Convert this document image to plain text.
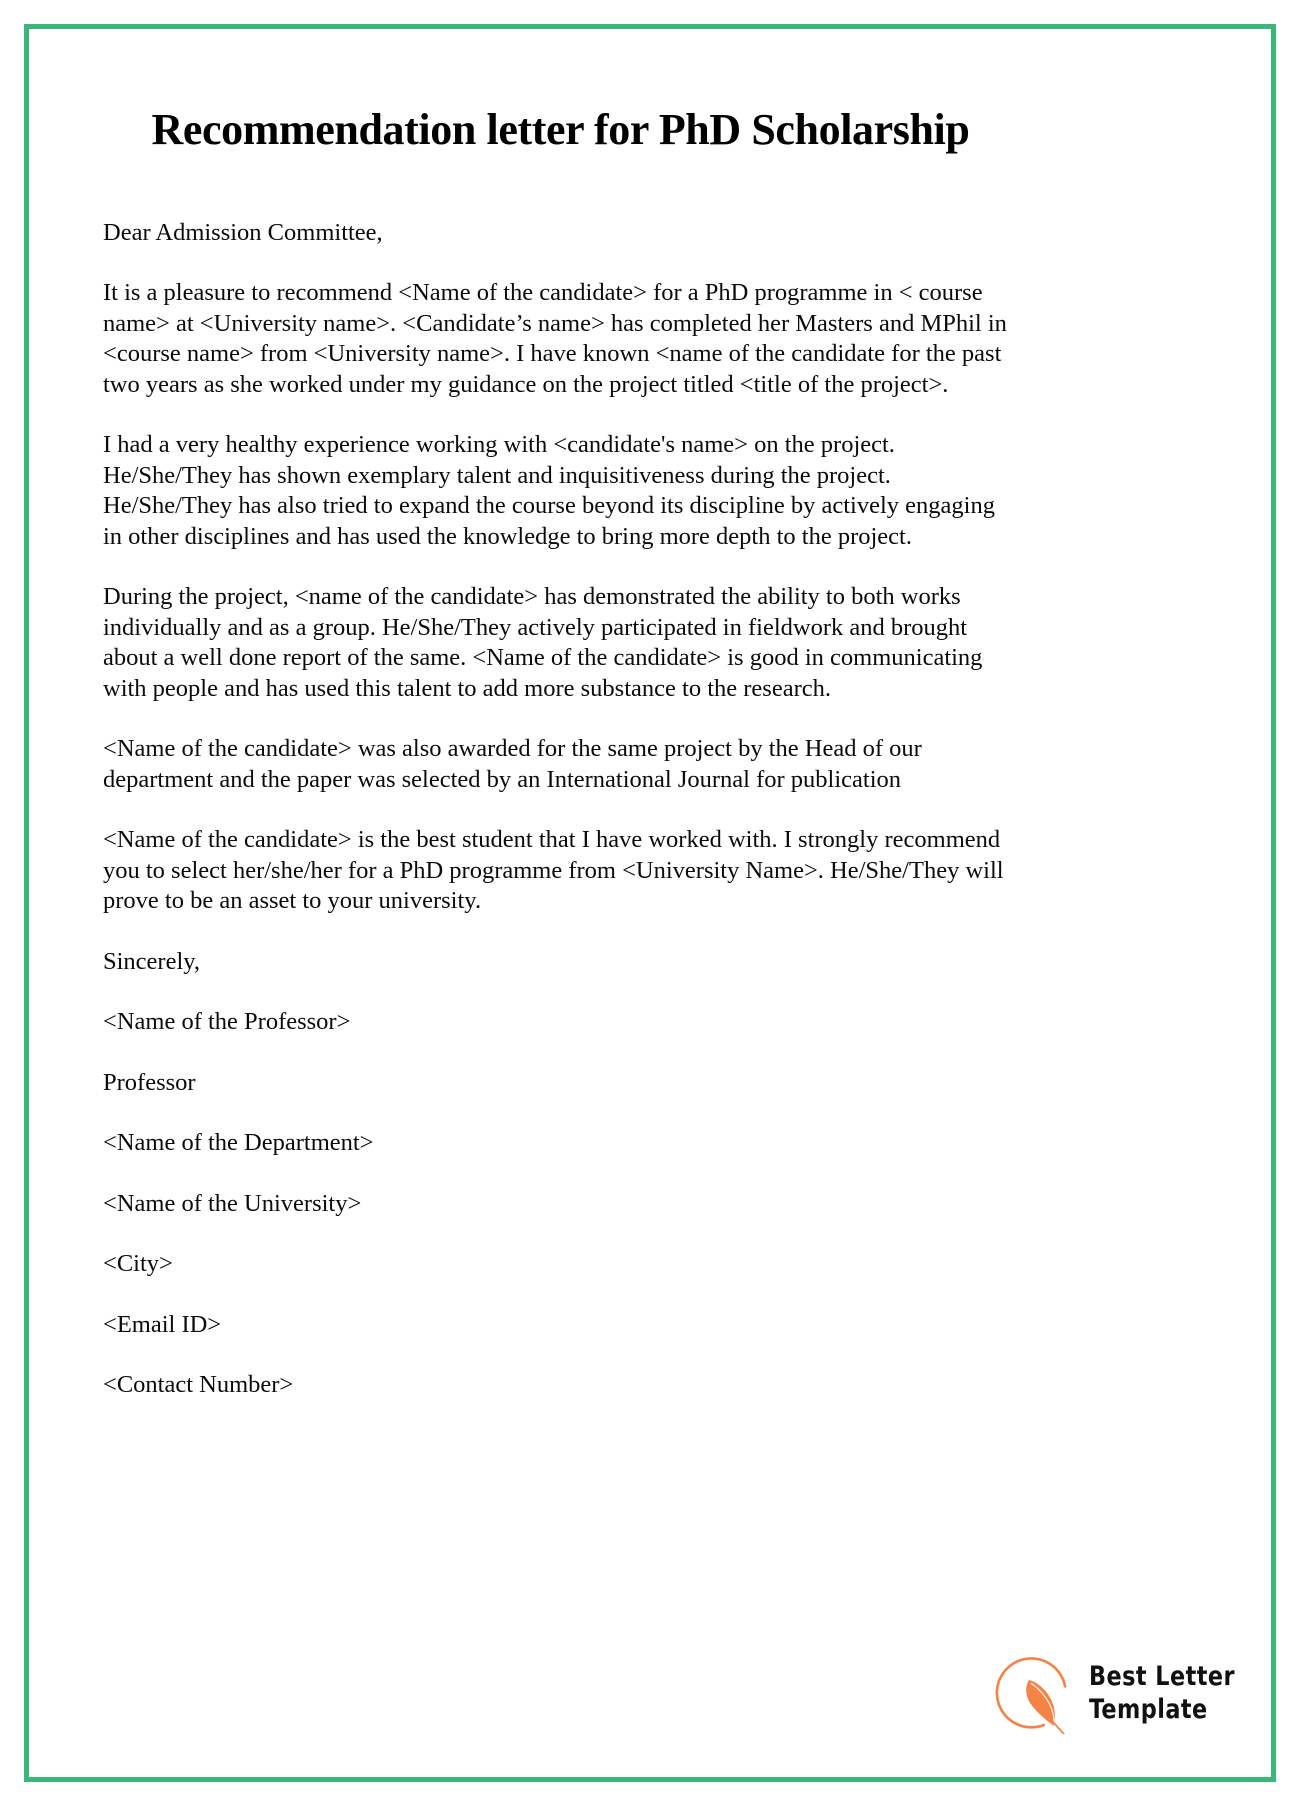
Recommendation letter for PhD Scholarship

Dear Admission Committee,

It is a pleasure to recommend <Name of the candidate> for a PhD programme in < course name> at <University name>. <Candidate’s name> has completed her Masters and MPhil in <course name> from <University name>. I have known <name of the candidate for the past two years as she worked under my guidance on the project titled <title of the project>.

I had a very healthy experience working with <candidate's name> on the project. He/She/They has shown exemplary talent and inquisitiveness during the project. He/She/They has also tried to expand the course beyond its discipline by actively engaging in other disciplines and has used the knowledge to bring more depth to the project.

During the project, <name of the candidate> has demonstrated the ability to both works individually and as a group. He/She/They actively participated in fieldwork and brought about a well done report of the same. <Name of the candidate> is good in communicating with people and has used this talent to add more substance to the research.

<Name of the candidate> was also awarded for the same project by the Head of our department and the paper was selected by an International Journal for publication

<Name of the candidate> is the best student that I have worked with. I strongly recommend you to select her/she/her for a PhD programme from <University Name>. He/She/They will prove to be an asset to your university.

Sincerely,

<Name of the Professor>

Professor

<Name of the Department>

<Name of the University>

<City>

<Email ID>

<Contact Number>

Best Letter
Template
